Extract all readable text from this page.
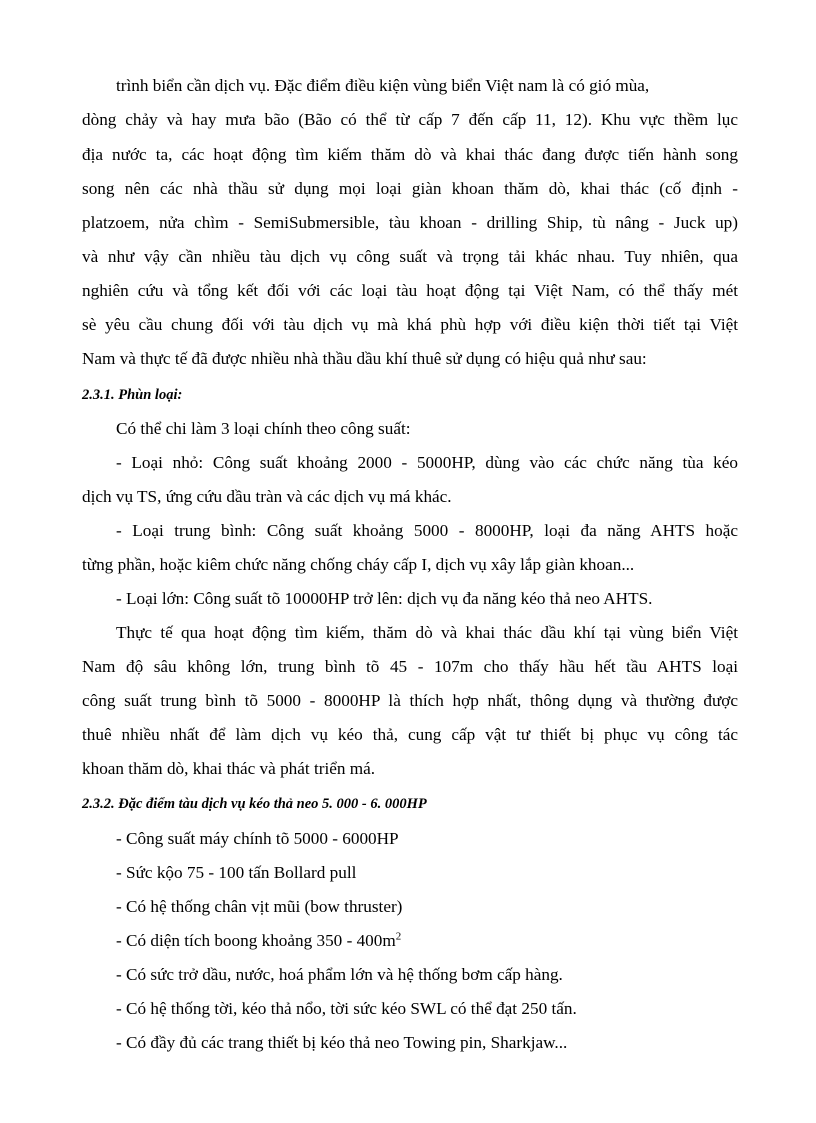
trình biển cần dịch vụ. Đặc điểm điều kiện vùng biển Việt nam là có gió mùa,
dòng chảy và hay mưa bão (Bão có thể từ cấp 7 đến cấp 11, 12). Khu vực thềm lục
địa nước ta, các hoạt động tìm kiếm thăm dò và khai thác đang được tiến hành song
song nên các nhà thầu sử dụng mọi loại giàn khoan thăm dò, khai thác (cố định -
platzoem, nửa chìm - SemiSubmersible, tàu khoan - drilling Ship, tù nâng - Juck up)
và như vậy cần nhiều tàu dịch vụ công suất và trọng tải khác nhau. Tuy nhiên, qua
nghiên cứu và tổng kết đối với các loại tàu hoạt động tại Việt Nam, có thể thấy mét
sè yêu cầu chung đối với tàu dịch vụ mà khá phù hợp với điều kiện thời tiết tại Việt
Nam và thực tế đã được nhiều nhà thầu dầu khí thuê sử dụng có hiệu quả như sau:
2.3.1. Phùn loại:
Có thể chi làm 3 loại chính theo công suất:
- Loại nhỏ: Công suất khoảng 2000 - 5000HP, dùng vào các chức năng tùa kéo
dịch vụ TS, ứng cứu dầu tràn và các dịch vụ má khác.
- Loại trung bình: Công suất khoảng 5000 - 8000HP, loại đa năng AHTS hoặc
từng phần, hoặc kiêm chức năng chống cháy cấp I, dịch vụ xây lắp giàn khoan...
- Loại lớn: Công suất tõ 10000HP trở lên: dịch vụ đa năng kéo thả neo AHTS.
Thực tế qua hoạt động tìm kiếm, thăm dò và khai thác dầu khí tại vùng biển Việt
Nam độ sâu không lớn, trung bình tõ 45 - 107m cho thấy hầu hết tầu AHTS loại
công suất trung bình tõ 5000 - 8000HP là thích hợp nhất, thông dụng và thường được
thuê nhiều nhất để làm dịch vụ kéo thả, cung cấp vật tư thiết bị phục vụ công tác
khoan thăm dò, khai thác và phát triển má.
2.3.2. Đặc điểm tàu dịch vụ kéo thả neo 5. 000 - 6. 000HP
- Công suất máy chính tõ 5000 - 6000HP
- Sức kộo 75 - 100 tấn Bollard pull
- Có hệ thống chân vịt mũi (bow thruster)
- Có diện tích boong khoảng $350 - 400m^2$
- Có sức trở dầu, nước, hoá phẩm lớn và hệ thống bơm cấp hàng.
- Có hệ thống tời, kéo thả nổo, tời sức kéo SWL có thể đạt 250 tấn.
- Có đầy đủ các trang thiết bị kéo thả neo Towing pin, Sharkjaw...
